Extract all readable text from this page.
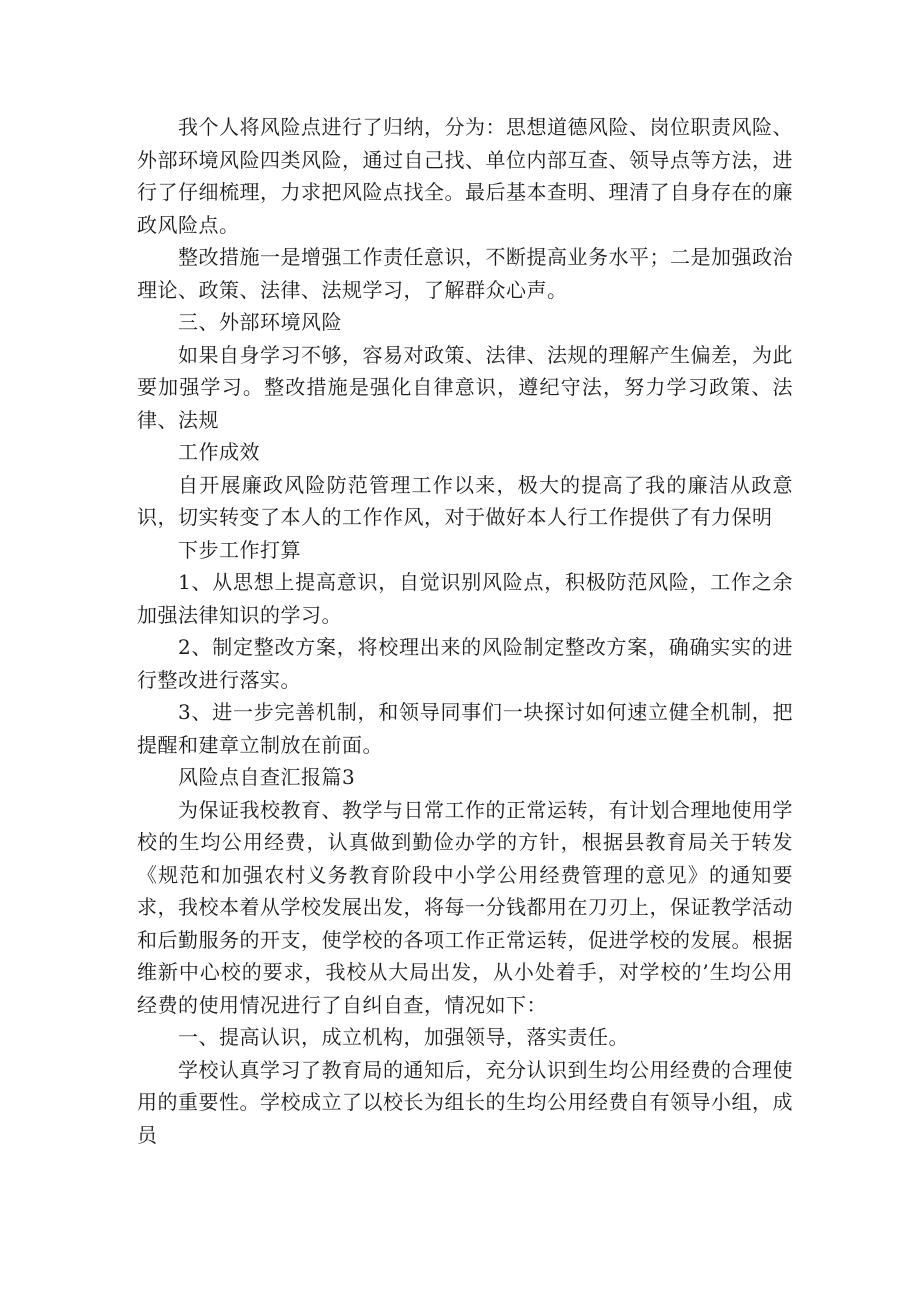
我个人将风险点进行了归纳，分为：思想道德风险、岗位职责风险、外部环境风险四类风险，通过自己找、单位内部互查、领导点等方法，进行了仔细梳理，力求把风险点找全。最后基本查明、理清了自身存在的廉政风险点。

整改措施一是增强工作责任意识，不断提高业务水平；二是加强政治理论、政策、法律、法规学习，了解群众心声。

三、外部环境风险

如果自身学习不够，容易对政策、法律、法规的理解产生偏差，为此要加强学习。整改措施是强化自律意识，遵纪守法，努力学习政策、法律、法规

工作成效

自开展廉政风险防范管理工作以来，极大的提高了我的廉洁从政意识，切实转变了本人的工作作风，对于做好本人行工作提供了有力保明

下步工作打算

1、从思想上提高意识，自觉识别风险点，积极防范风险，工作之余加强法律知识的学习。

2、制定整改方案，将校理出来的风险制定整改方案，确确实实的进行整改进行落实。

3、进一步完善机制，和领导同事们一块探讨如何速立健全机制，把提醒和建章立制放在前面。

风险点自查汇报篇3

为保证我校教育、教学与日常工作的正常运转，有计划合理地使用学校的生均公用经费，认真做到勤俭办学的方针，根据县教育局关于转发《规范和加强农村义务教育阶段中小学公用经费管理的意见》的通知要求，我校本着从学校发展出发，将每一分钱都用在刀刃上，保证教学活动和后勤服务的开支，使学校的各项工作正常运转，促进学校的发展。根据维新中心校的要求，我校从大局出发，从小处着手，对学校的’生均公用经费的使用情况进行了自纠自查，情况如下：

一、提高认识，成立机构，加强领导，落实责任。

学校认真学习了教育局的通知后，充分认识到生均公用经费的合理使用的重要性。学校成立了以校长为组长的生均公用经费自有领导小组，成员
